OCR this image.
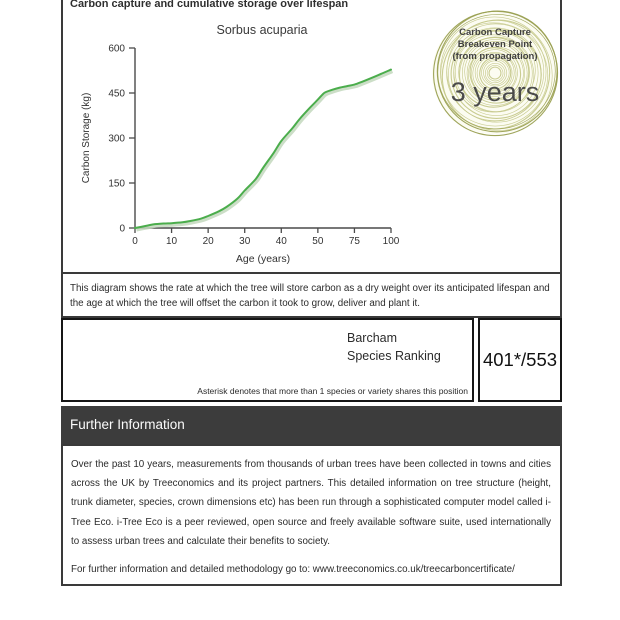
Carbon capture and cumulative storage over lifespan
Sorbus acuparia
0
150
300
450
600
0	10	20	30	40	50	75 100
Age (years)
Carbon Storage (kg)
Carbon Capture
Breakeven Point
(from propagation)
3 years
This diagram shows the rate at which the tree will store carbon as a dry weight over its anticipated lifespan and the age at which the tree will offset the carbon it took to grow, deliver and plant it.
Barcham
Species Ranking
Asterisk denotes that more than 1 species or variety shares this position
401*/553
Further Information
Over the past 10 years, measurements from thousands of urban trees have been collected in towns and cities across the UK by Treeconomics and its project partners. This detailed information on tree structure (height, trunk diameter, species, crown dimensions etc) has been run through a sophisticated computer model called i-Tree Eco. i-Tree Eco is a peer reviewed, open source and freely available software suite, used internationally to assess urban trees and calculate their benefits to society.
For further information and detailed methodology go to: www.treeconomics.co.uk/treecarboncertificate/
